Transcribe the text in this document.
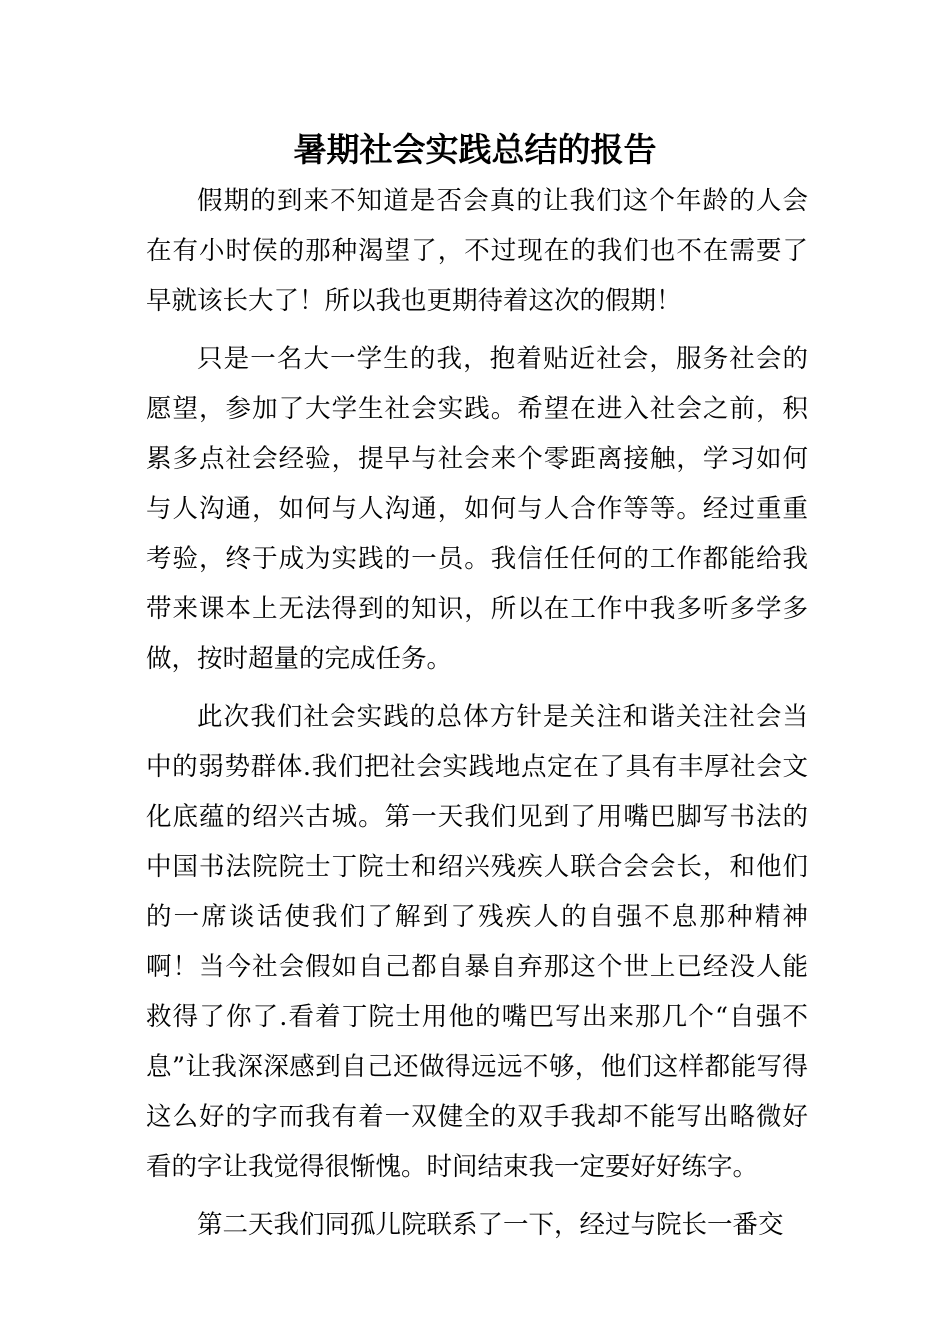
暑期社会实践总结的报告

假期的到来不知道是否会真的让我们这个年龄的人会在有小时侯的那种渴望了，不过现在的我们也不在需要了早就该长大了！所以我也更期待着这次的假期！

只是一名大一学生的我，抱着贴近社会，服务社会的愿望，参加了大学生社会实践。希望在进入社会之前，积累多点社会经验，提早与社会来个零距离接触，学习如何与人沟通，如何与人沟通，如何与人合作等等。经过重重考验，终于成为实践的一员。我信任任何的工作都能给我带来课本上无法得到的知识，所以在工作中我多听多学多做，按时超量的完成任务。

此次我们社会实践的总体方针是关注和谐关注社会当中的弱势群体.我们把社会实践地点定在了具有丰厚社会文化底蕴的绍兴古城。第一天我们见到了用嘴巴脚写书法的中国书法院院士丁院士和绍兴残疾人联合会会长，和他们的一席谈话使我们了解到了残疾人的自强不息那种精神啊！当今社会假如自己都自暴自弃那这个世上已经没人能救得了你了.看着丁院士用他的嘴巴写出来那几个“自强不息”让我深深感到自己还做得远远不够，他们这样都能写得这么好的字而我有着一双健全的双手我却不能写出略微好看的字让我觉得很惭愧。时间结束我一定要好好练字。

第二天我们同孤儿院联系了一下，经过与院长一番交
